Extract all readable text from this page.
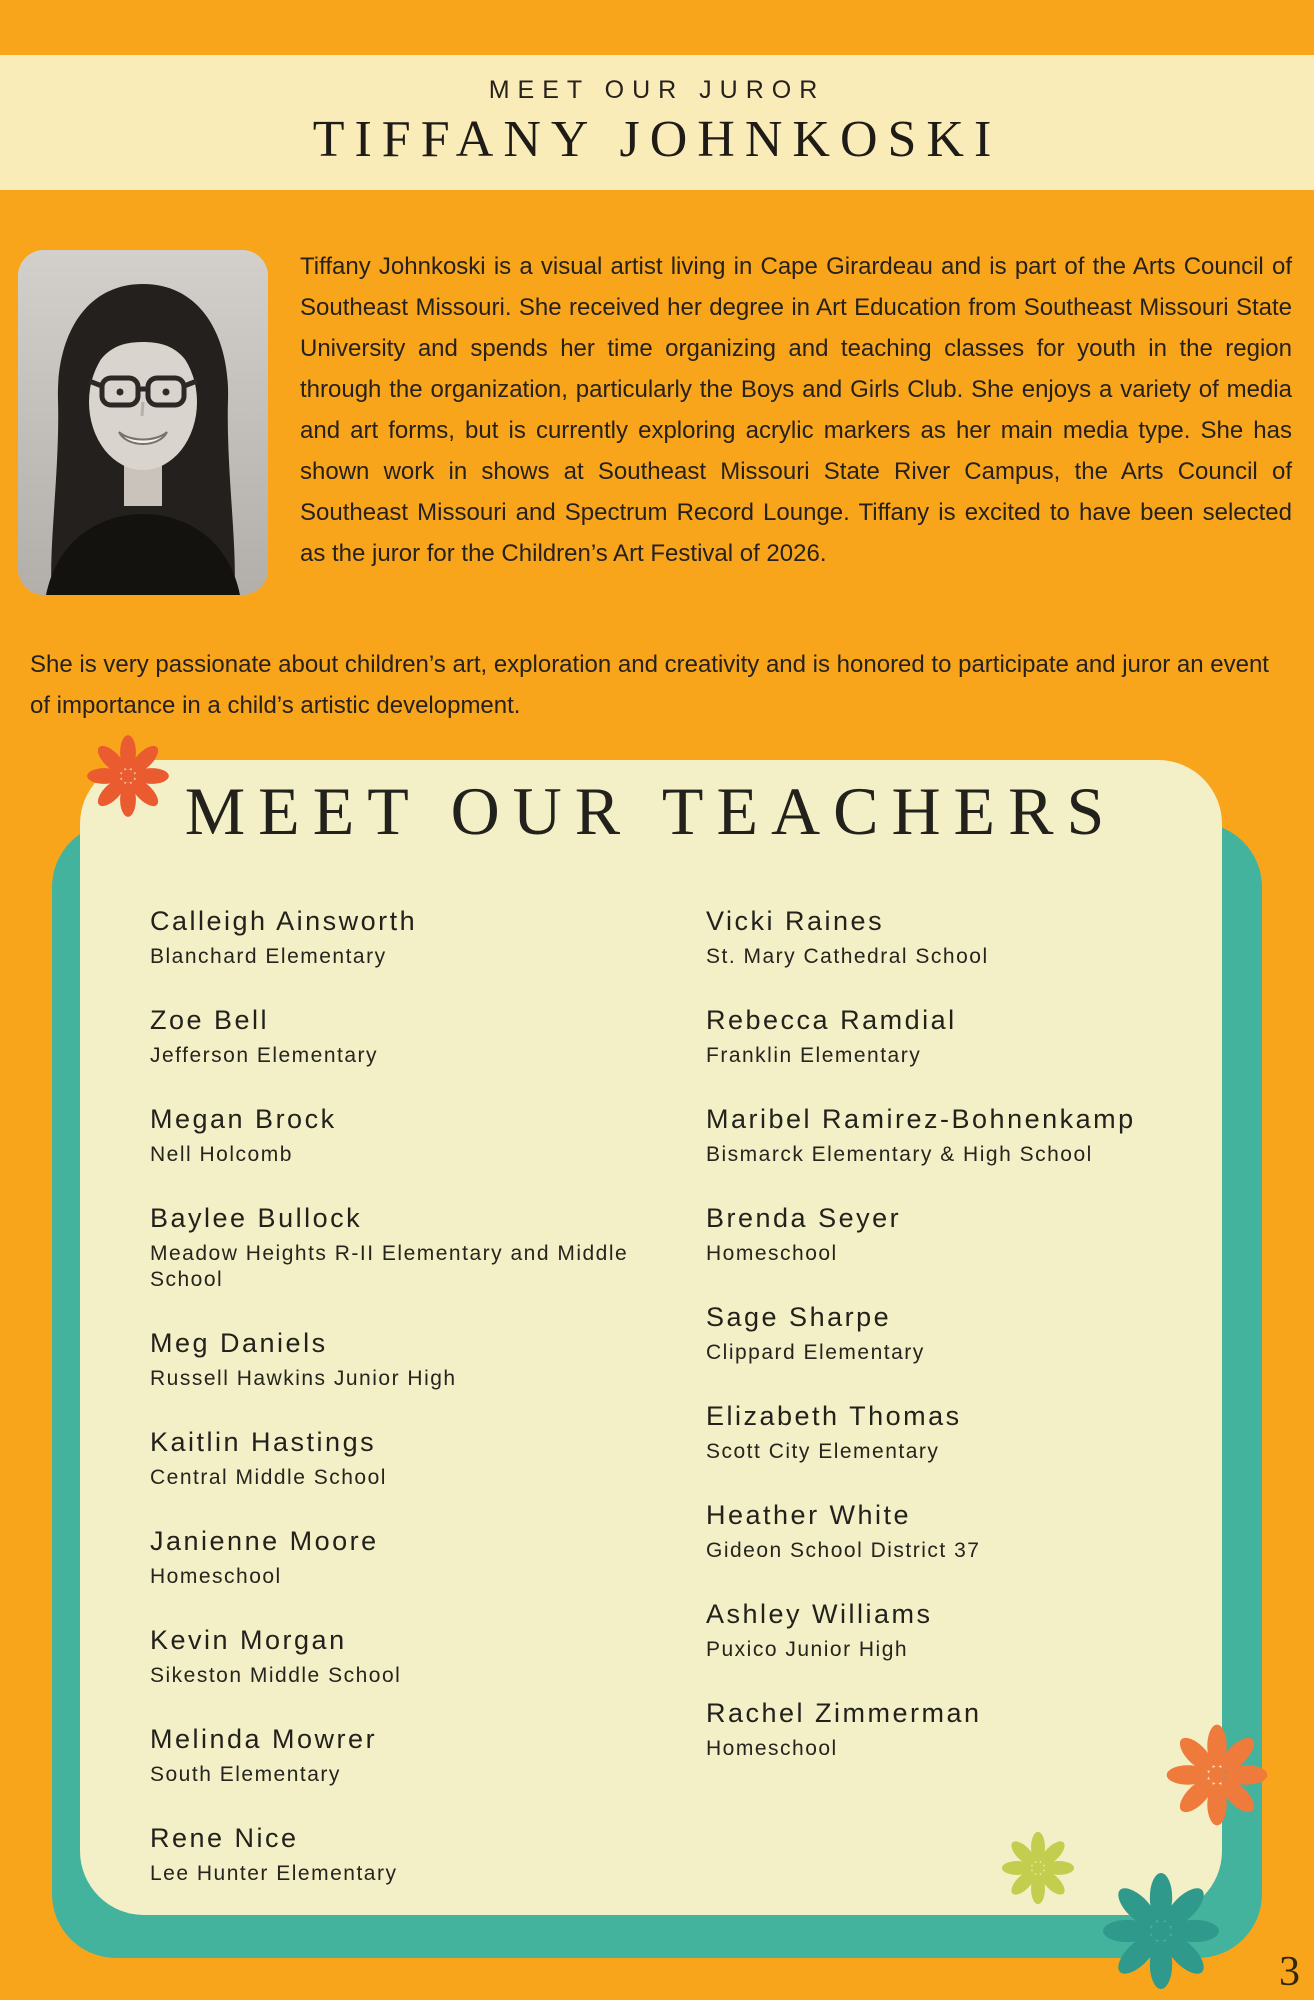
MEET OUR JUROR
TIFFANY JOHNKOSKI

Tiffany Johnkoski is a visual artist living in Cape Girardeau and is part of the Arts Council of Southeast Missouri. She received her degree in Art Education from Southeast Missouri State University and spends her time organizing and teaching classes for youth in the region through the organization, particularly the Boys and Girls Club. She enjoys a variety of media and art forms, but is currently exploring acrylic markers as her main media type. She has shown work in shows at Southeast Missouri State River Campus, the Arts Council of Southeast Missouri and Spectrum Record Lounge. Tiffany is excited to have been selected as the juror for the Children’s Art Festival of 2026.

She is very passionate about children’s art, exploration and creativity and is honored to participate and juror an event of importance in a child’s artistic development.

MEET OUR TEACHERS
Calleigh Ainsworth
Blanchard Elementary
Zoe Bell
Jefferson Elementary
Megan Brock
Nell Holcomb
Baylee Bullock
Meadow Heights R-II Elementary and Middle School
Meg Daniels
Russell Hawkins Junior High
Kaitlin Hastings
Central Middle School
Janienne Moore
Homeschool
Kevin Morgan
Sikeston Middle School
Melinda Mowrer
South Elementary
Rene Nice
Lee Hunter Elementary
Vicki Raines
St. Mary Cathedral School
Rebecca Ramdial
Franklin Elementary
Maribel Ramirez-Bohnenkamp
Bismarck Elementary & High School
Brenda Seyer
Homeschool
Sage Sharpe
Clippard Elementary
Elizabeth Thomas
Scott City Elementary
Heather White
Gideon School District 37
Ashley Williams
Puxico Junior High
Rachel Zimmerman
Homeschool
3
